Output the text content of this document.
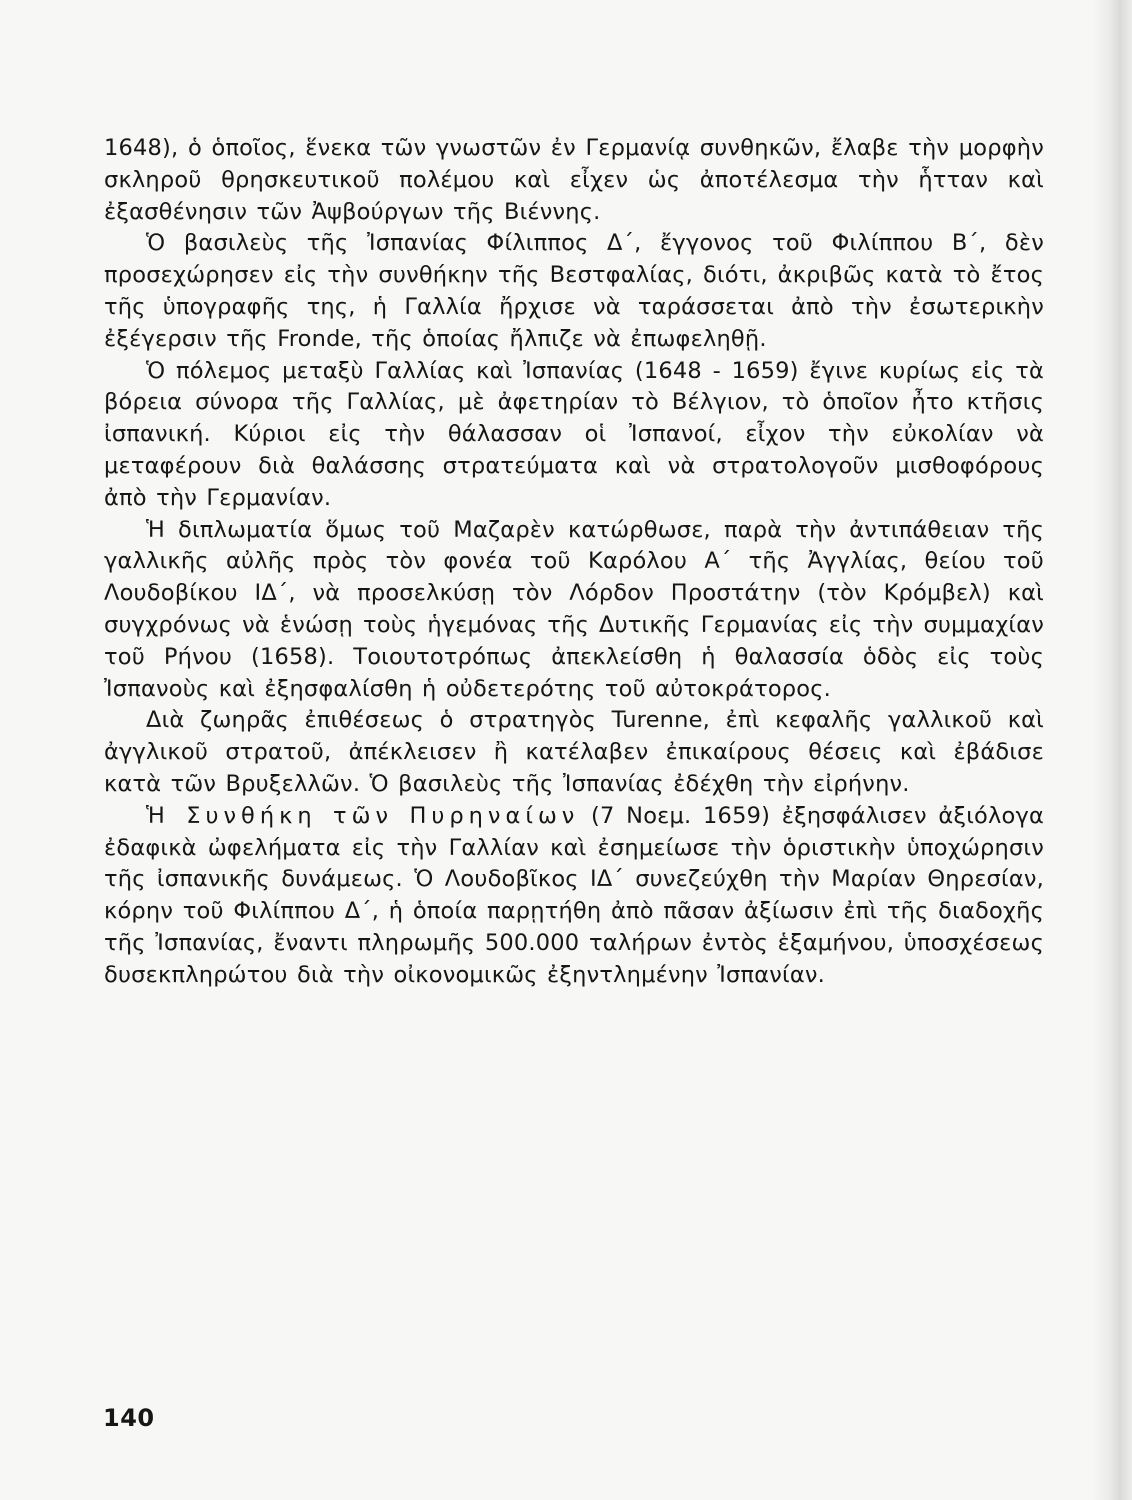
1648), ὁ ὁποῖος, ἕνεκα τῶν γνωστῶν ἐν Γερμανίᾳ συνθηκῶν, ἔλαβε τὴν μορφὴν σκληροῦ θρησκευτικοῦ πολέμου καὶ εἶχεν ὡς ἀποτέλεσμα τὴν ἧτταν καὶ ἐξασθένησιν τῶν Ἀψβούργων τῆς Βιέννης.

Ὁ βασιλεὺς τῆς Ἰσπανίας Φίλιππος Δ΄, ἔγγονος τοῦ Φιλίππου Β΄, δὲν προσεχώρησεν εἰς τὴν συνθήκην τῆς Βεστφαλίας, διότι, ἀκριβῶς κατὰ τὸ ἔτος τῆς ὑπογραφῆς της, ἡ Γαλλία ἤρχισε νὰ ταράσσεται ἀπὸ τὴν ἐσωτερικὴν ἐξέγερσιν τῆς Fronde, τῆς ὁποίας ἤλπιζε νὰ ἐπωφεληθῇ.

Ὁ πόλεμος μεταξὺ Γαλλίας καὶ Ἰσπανίας (1648 - 1659) ἔγινε κυρίως εἰς τὰ βόρεια σύνορα τῆς Γαλλίας, μὲ ἀφετηρίαν τὸ Βέλγιον, τὸ ὁποῖον ἦτο κτῆσις ἰσπανική. Κύριοι εἰς τὴν θάλασσαν οἱ Ἰσπανοί, εἶχον τὴν εὐκολίαν νὰ μεταφέρουν διὰ θαλάσσης στρατεύματα καὶ νὰ στρατολογοῦν μισθοφόρους ἀπὸ τὴν Γερμανίαν.

Ἡ διπλωματία ὅμως τοῦ Μαζαρὲν κατώρθωσε, παρὰ τὴν ἀντιπάθειαν τῆς γαλλικῆς αὐλῆς πρὸς τὸν φονέα τοῦ Καρόλου Α΄ τῆς Ἀγγλίας, θείου τοῦ Λουδοβίκου ΙΔ΄, νὰ προσελκύσῃ τὸν Λόρδον Προστάτην (τὸν Κρόμβελ) καὶ συγχρόνως νὰ ἑνώσῃ τοὺς ἡγεμόνας τῆς Δυτικῆς Γερμανίας εἰς τὴν συμμαχίαν τοῦ Ρήνου (1658). Τοιουτοτρόπως ἀπεκλείσθη ἡ θαλασσία ὁδὸς εἰς τοὺς Ἰσπανοὺς καὶ ἐξησφαλίσθη ἡ οὐδετερότης τοῦ αὐτοκράτορος.

Διὰ ζωηρᾶς ἐπιθέσεως ὁ στρατηγὸς Turenne, ἐπὶ κεφαλῆς γαλλικοῦ καὶ ἀγγλικοῦ στρατοῦ, ἀπέκλεισεν ἢ κατέλαβεν ἐπικαίρους θέσεις καὶ ἐβάδισε κατὰ τῶν Βρυξελλῶν. Ὁ βασιλεὺς τῆς Ἰσπανίας ἐδέχθη τὴν εἰρήνην.

Ἡ Συνθήκη τῶν Πυρηναίων (7 Νοεμ. 1659) ἐξησφάλισεν ἀξιόλογα ἐδαφικὰ ὠφελήματα εἰς τὴν Γαλλίαν καὶ ἐσημείωσε τὴν ὁριστικὴν ὑποχώρησιν τῆς ἰσπανικῆς δυνάμεως. Ὁ Λουδοβῖκος ΙΔ΄ συνεζεύχθη τὴν Μαρίαν Θηρεσίαν, κόρην τοῦ Φιλίππου Δ΄, ἡ ὁποία παρῃτήθη ἀπὸ πᾶσαν ἀξίωσιν ἐπὶ τῆς διαδοχῆς τῆς Ἰσπανίας, ἔναντι πληρωμῆς 500.000 ταλήρων ἐντὸς ἑξαμήνου, ὑποσχέσεως δυσεκπληρώτου διὰ τὴν οἰκονομικῶς ἐξηντλημένην Ἰσπανίαν.

140
